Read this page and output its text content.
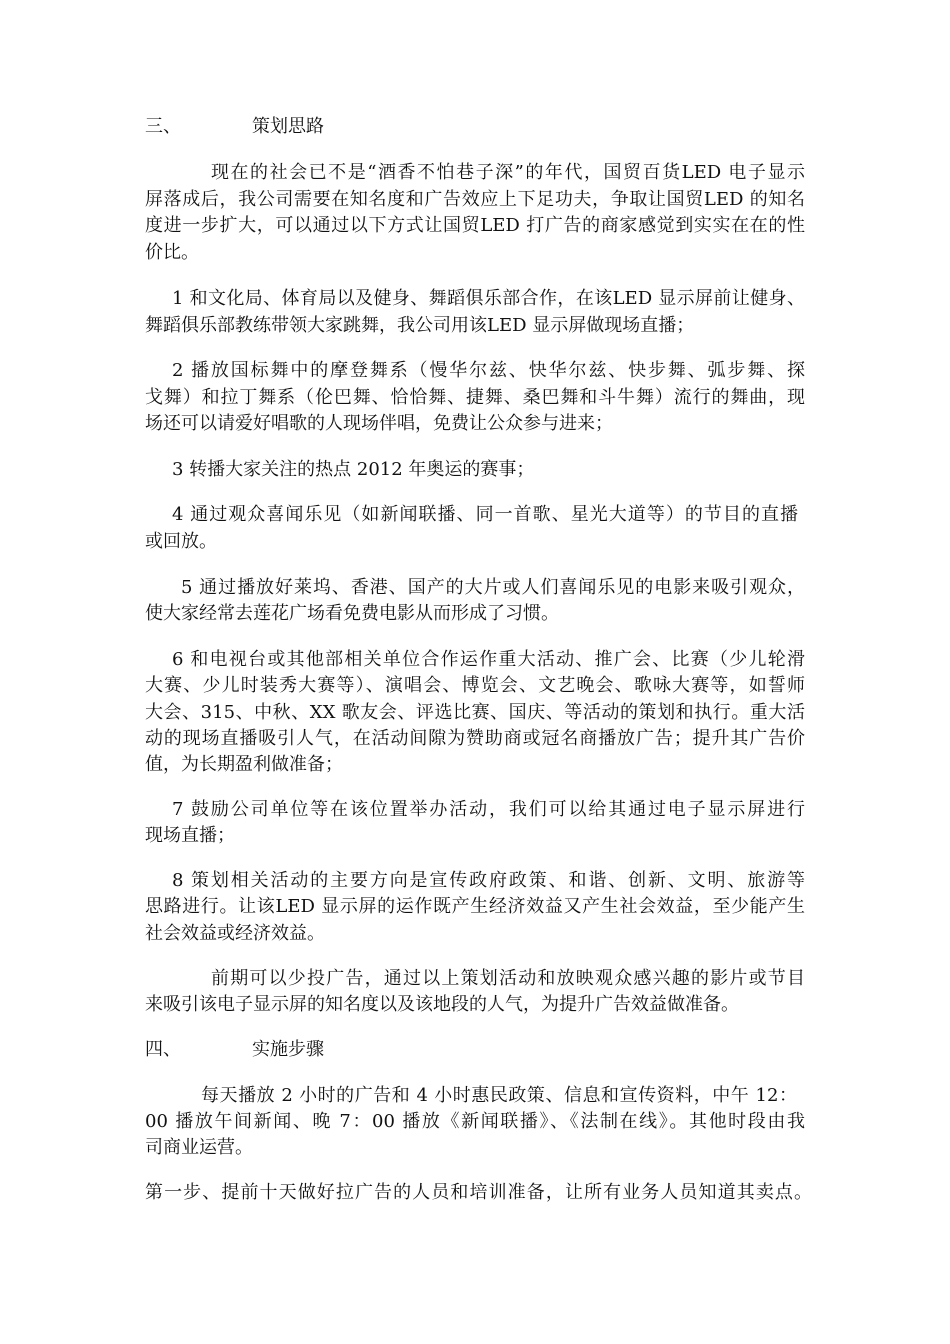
三、	策划思路
现在的社会已不是“酒香不怕巷子深”的年代，国贸百货LED 电子显示
屏落成后，我公司需要在知名度和广告效应上下足功夫，争取让国贸LED 的知名
度进一步扩大，可以通过以下方式让国贸LED 打广告的商家感觉到实实在在的性
价比。
1 和文化局、体育局以及健身、舞蹈俱乐部合作，在该LED 显示屏前让健身、
舞蹈俱乐部教练带领大家跳舞，我公司用该LED 显示屏做现场直播；
2 播放国标舞中的摩登舞系（慢华尔兹、快华尔兹、快步舞、弧步舞、探
戈舞）和拉丁舞系（伦巴舞、恰恰舞、捷舞、桑巴舞和斗牛舞）流行的舞曲，现
场还可以请爱好唱歌的人现场伴唱，免费让公众参与进来；
3 转播大家关注的热点 2012 年奥运的赛事；
4 通过观众喜闻乐见（如新闻联播、同一首歌、星光大道等）的节目的直播
或回放。
5 通过播放好莱坞、香港、国产的大片或人们喜闻乐见的电影来吸引观众，
使大家经常去莲花广场看免费电影从而形成了习惯。
6 和电视台或其他部相关单位合作运作重大活动、推广会、比赛（少儿轮滑
大赛、少儿时装秀大赛等）、演唱会、博览会、文艺晚会、歌咏大赛等，如誓师
大会、315、中秋、XX 歌友会、评选比赛、国庆、等活动的策划和执行。重大活
动的现场直播吸引人气，在活动间隙为赞助商或冠名商播放广告；提升其广告价
值，为长期盈利做准备；
7 鼓励公司单位等在该位置举办活动，我们可以给其通过电子显示屏进行
现场直播；
8 策划相关活动的主要方向是宣传政府政策、和谐、创新、文明、旅游等
思路进行。让该LED 显示屏的运作既产生经济效益又产生社会效益，至少能产生
社会效益或经济效益。
前期可以少投广告，通过以上策划活动和放映观众感兴趣的影片或节目
来吸引该电子显示屏的知名度以及该地段的人气，为提升广告效益做准备。
四、	实施步骤
每天播放 2 小时的广告和 4 小时惠民政策、信息和宣传资料，中午 12：
00 播放午间新闻、晚 7：00 播放《新闻联播》、《法制在线》。其他时段由我
司商业运营。
第一步、提前十天做好拉广告的人员和培训准备，让所有业务人员知道其卖点。
